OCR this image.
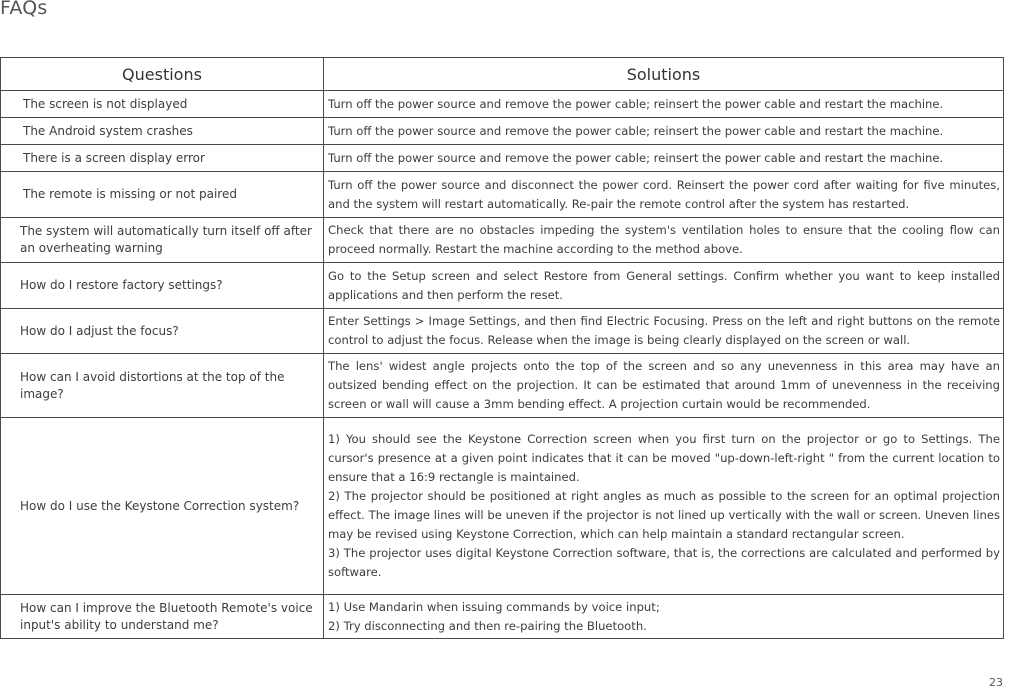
FAQs
Questions	Solutions
The screen is not displayed	Turn off the power source and remove the power cable; reinsert the power cable and restart the machine.

The Android system crashes	Turn off the power source and remove the power cable; reinsert the power cable and restart the machine.

There is a screen display error	Turn off the power source and remove the power cable; reinsert the power cable and restart the machine.

The remote is missing or not paired	Turn off the power source and disconnect the power cord. Reinsert the power cord after waiting for five minutes, and the system will restart automatically. Re-pair the remote control after the system has restarted.

The system will automatically turn itself off after an overheating warning	Check that there are no obstacles impeding the system's ventilation holes to ensure that the cooling flow can proceed normally. Restart the machine according to the method above.

How do I restore factory settings?	Go to the Setup screen and select Restore from General settings. Confirm whether you want to keep installed applications and then perform the reset.

How do I adjust the focus?	Enter Settings > Image Settings, and then find Electric Focusing. Press on the left and right buttons on the remote control to adjust the focus. Release when the image is being clearly displayed on the screen or wall.

How can I avoid distortions at the top of the image?	The lens' widest angle projects onto the top of the screen and so any unevenness in this area may have an outsized bending effect on the projection. It can be estimated that around 1mm of unevenness in the receiving screen or wall will cause a 3mm bending effect. A projection curtain would be recommended.

How do I use the Keystone Correction system?	1) You should see the Keystone Correction screen when you first turn on the projector or go to Settings. The cursor's presence at a given point indicates that it can be moved "up-down-left-right " from the current location to ensure that a 16:9 rectangle is maintained.
2) The projector should be positioned at right angles as much as possible to the screen for an optimal projection effect. The image lines will be uneven if the projector is not lined up vertically with the wall or screen. Uneven lines may be revised using Keystone Correction, which can help maintain a standard rectangular screen.
3) The projector uses digital Keystone Correction software, that is, the corrections are calculated and performed by software.

How can I improve the Bluetooth Remote's voice input's ability to understand me?	1) Use Mandarin when issuing commands by voice input;
2) Try disconnecting and then re-pairing the Bluetooth.
23
